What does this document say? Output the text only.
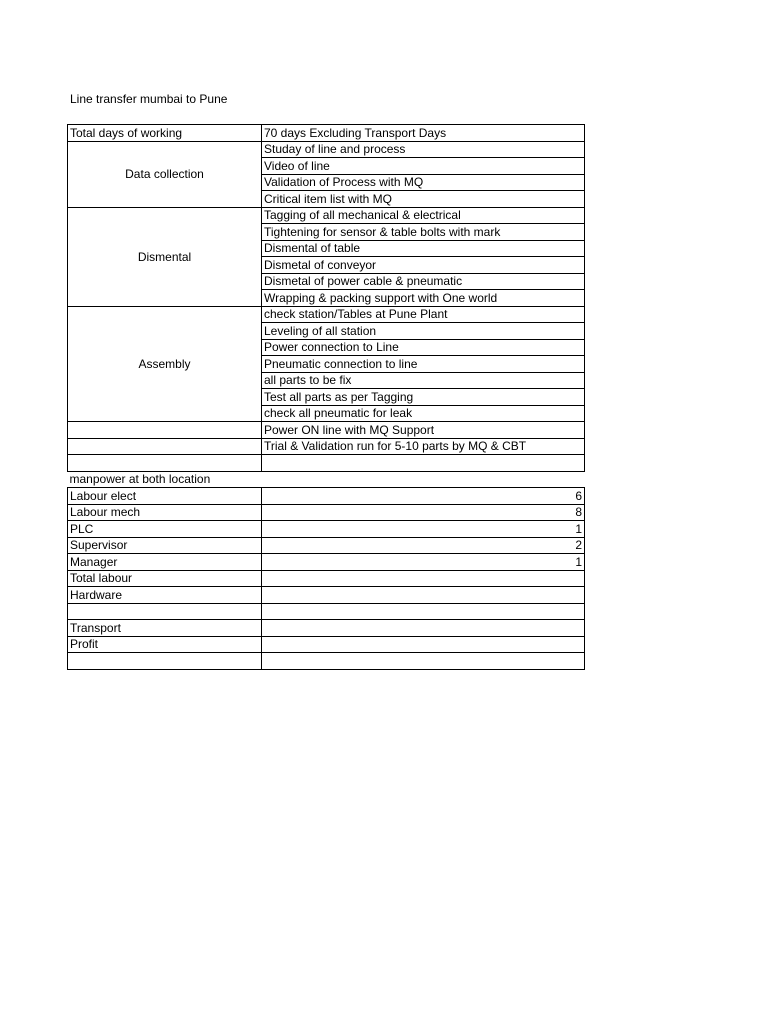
Line transfer mumbai to Pune
Total days of working	70 days Excluding Transport Days
Data collection	Studay of line and process
	Video of line
	Validation of Process with MQ
	Critical item list with MQ
Dismental	Tagging of all mechanical & electrical
	Tightening for sensor & table bolts with mark
	Dismental of table
	Dismetal of conveyor
	Dismetal of power cable & pneumatic
	Wrapping & packing support with One world
Assembly	check station/Tables at Pune Plant
	Leveling of all station
	Power connection to Line
	Pneumatic connection to line
	all parts to be fix
	Test all parts as per Tagging
	check all pneumatic for leak
	Power ON line with MQ Support
	Trial & Validation run for 5-10 parts by MQ & CBT

manpower at both location	
Labour elect	6
Labour mech	8
PLC	1
Supervisor	2
Manager	1
Total labour	
Hardware	

Transport	
Profit	
